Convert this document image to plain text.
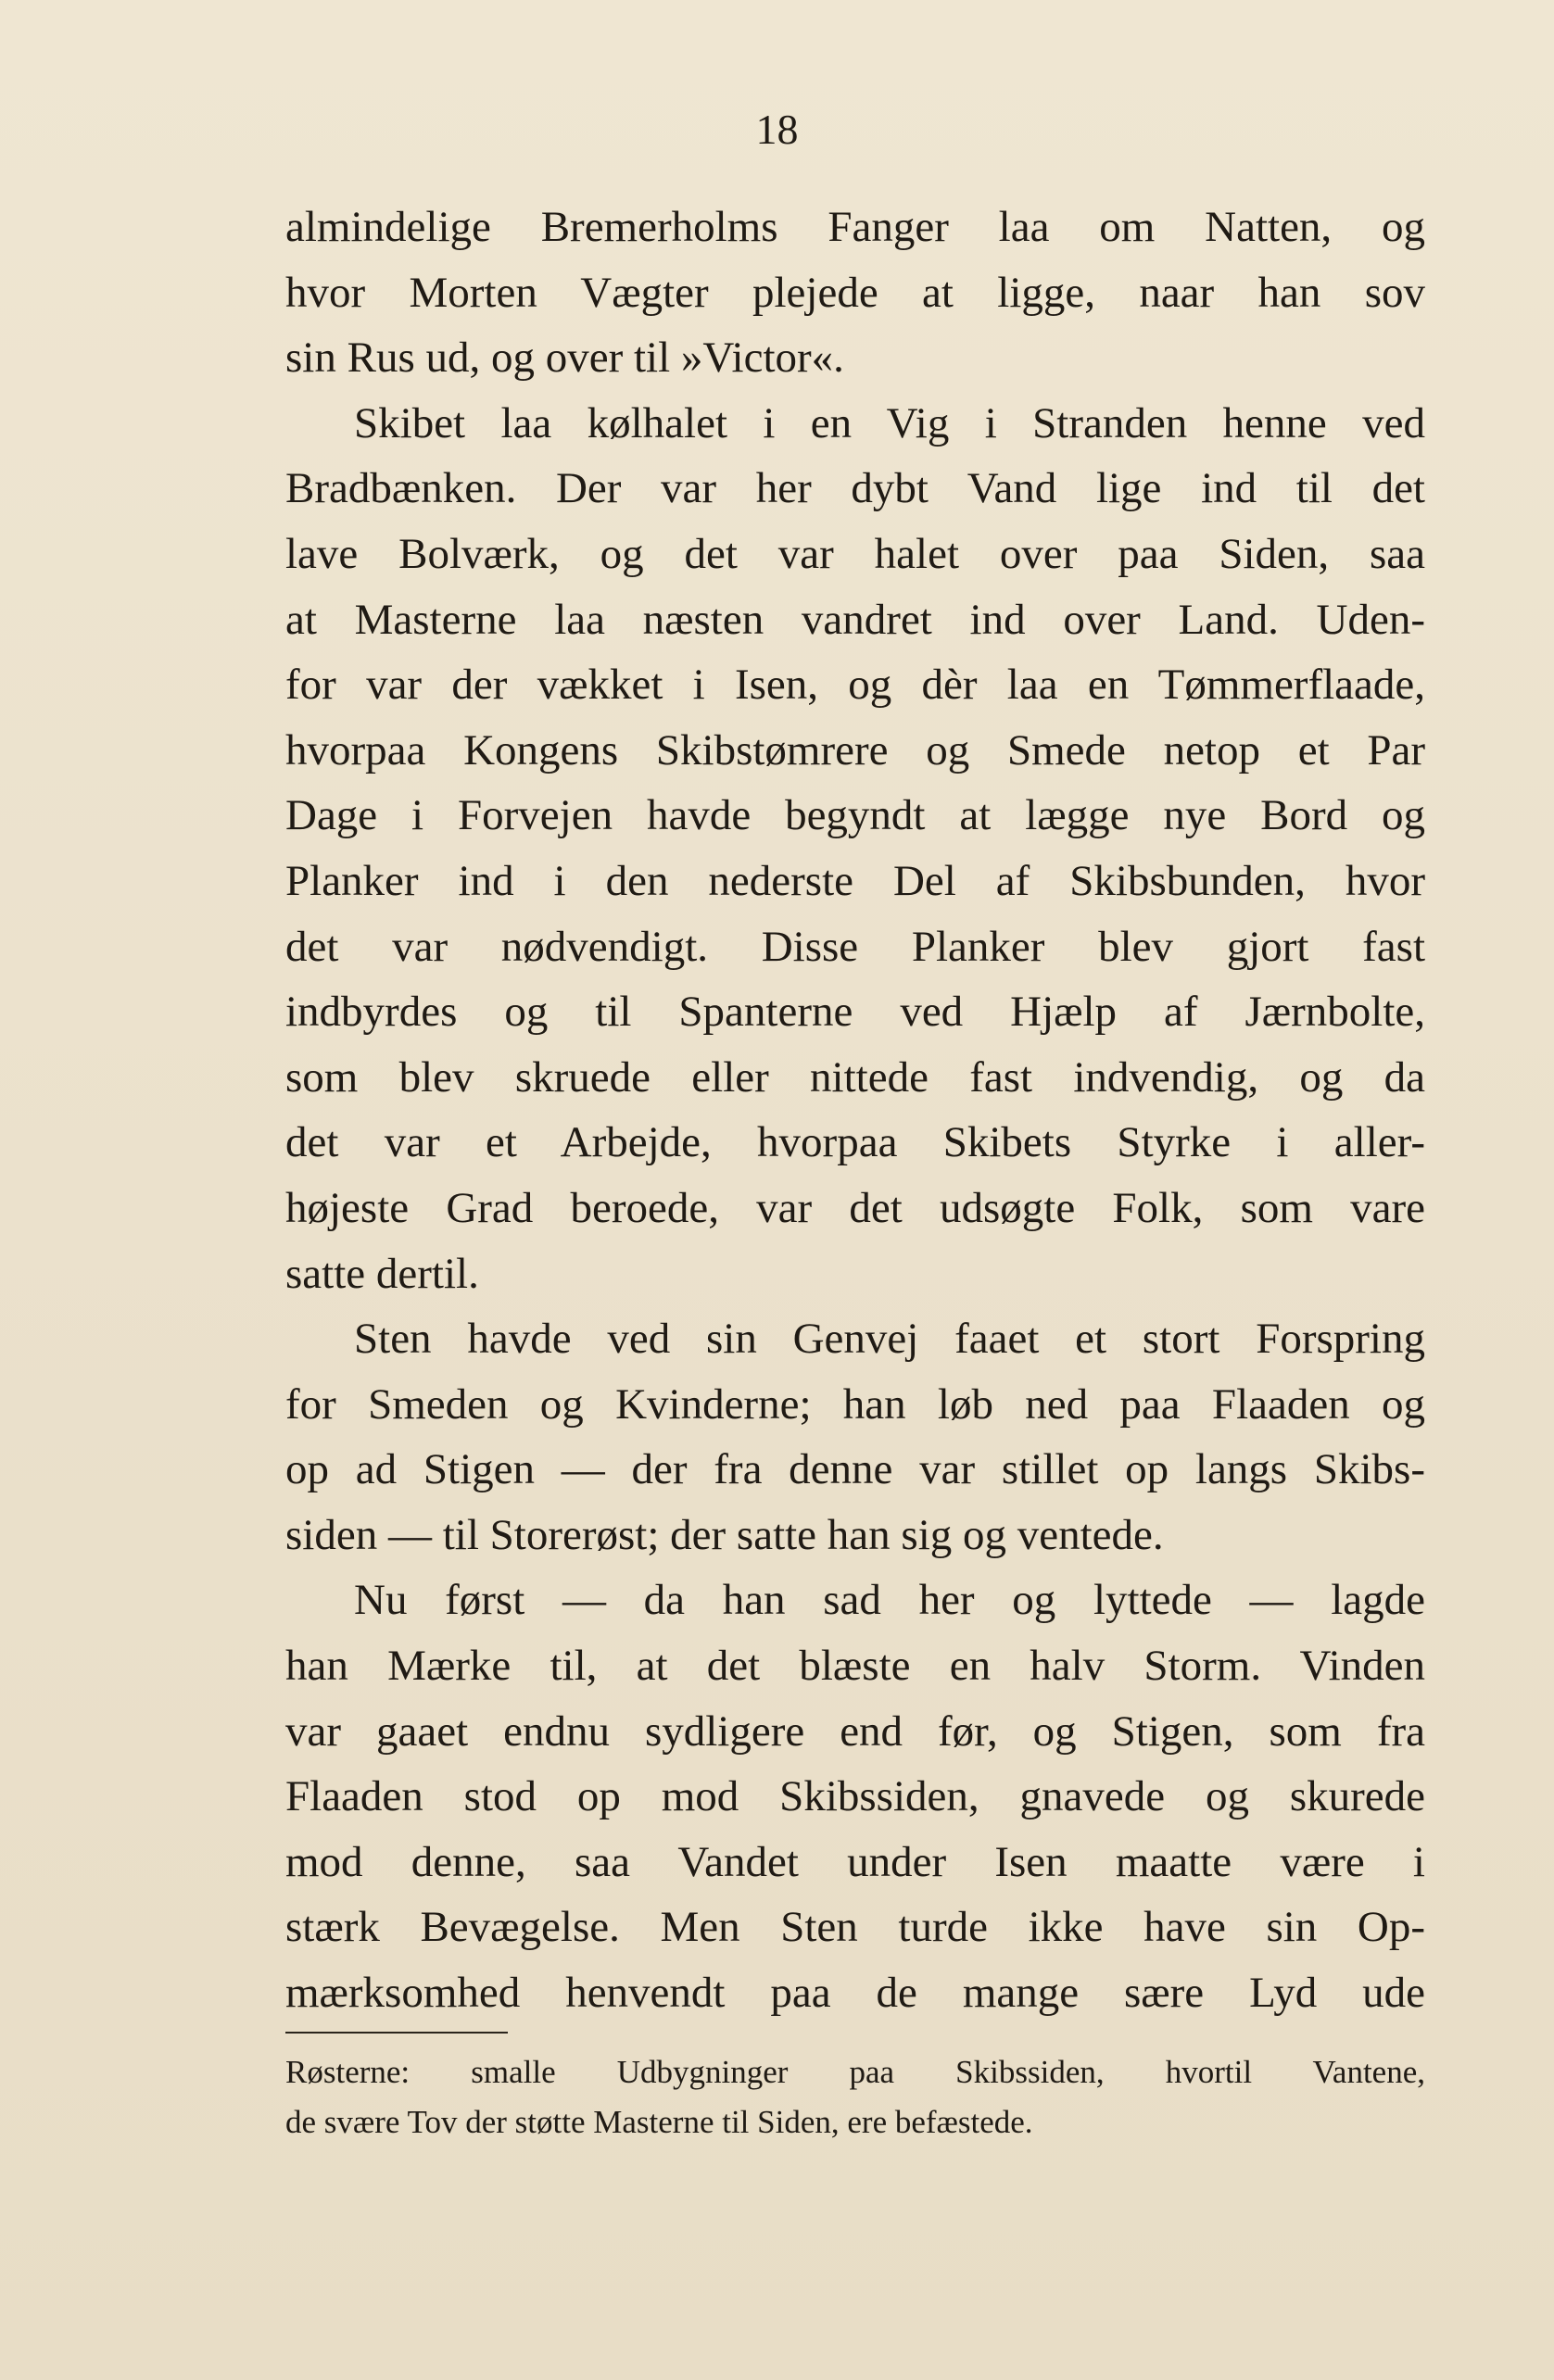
18
almindelige Bremerholms Fanger laa om Natten, og
hvor Morten Vægter plejede at ligge, naar han sov
sin Rus ud, og over til »Victor«.
Skibet laa kølhalet i en Vig i Stranden henne ved
Bradbænken. Der var her dybt Vand lige ind til det
lave Bolværk, og det var halet over paa Siden, saa
at Masterne laa næsten vandret ind over Land. Uden-
for var der vækket i Isen, og dèr laa en Tømmerflaade,
hvorpaa Kongens Skibstømrere og Smede netop et Par
Dage i Forvejen havde begyndt at lægge nye Bord og
Planker ind i den nederste Del af Skibsbunden, hvor
det var nødvendigt. Disse Planker blev gjort fast
indbyrdes og til Spanterne ved Hjælp af Jærnbolte,
som blev skruede eller nittede fast indvendig, og da
det var et Arbejde, hvorpaa Skibets Styrke i aller-
højeste Grad beroede, var det udsøgte Folk, som vare
satte dertil.
Sten havde ved sin Genvej faaet et stort Forspring
for Smeden og Kvinderne; han løb ned paa Flaaden og
op ad Stigen — der fra denne var stillet op langs Skibs-
siden — til Storerøst; der satte han sig og ventede.
Nu først — da han sad her og lyttede — lagde
han Mærke til, at det blæste en halv Storm. Vinden
var gaaet endnu sydligere end før, og Stigen, som fra
Flaaden stod op mod Skibssiden, gnavede og skurede
mod denne, saa Vandet under Isen maatte være i
stærk Bevægelse. Men Sten turde ikke have sin Op-
mærksomhed henvendt paa de mange sære Lyd ude
Røsterne: smalle Udbygninger paa Skibssiden, hvortil Vantene,
de svære Tov der støtte Masterne til Siden, ere befæstede.
